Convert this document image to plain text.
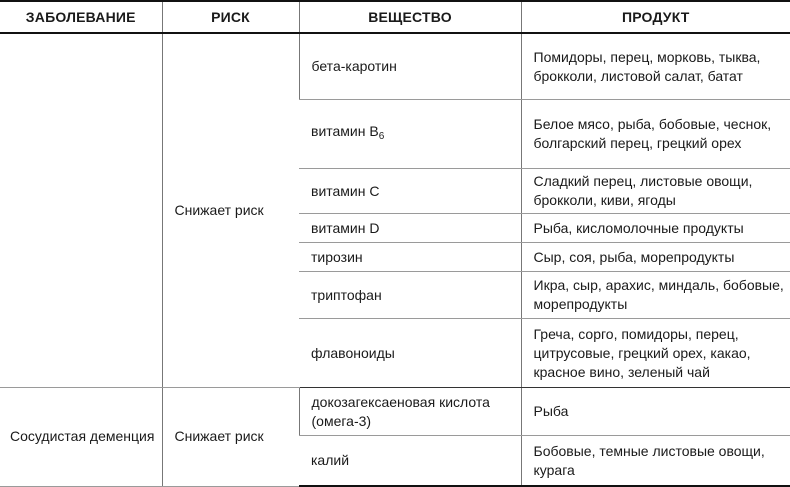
ЗАБОЛЕВАНИЕ	РИСК	ВЕЩЕСТВО	ПРОДУКТ
	Снижает риск	бета-каротин	Помидоры, перец, морковь, тыква, брокколи, листовой салат, батат
		витамин $B_6$	Белое мясо, рыба, бобовые, чеснок, болгарский перец, грецкий орех
		витамин C	Сладкий перец, листовые овощи, брокколи, киви, ягоды
		витамин D	Рыба, кисломолочные продукты
		тирозин	Сыр, соя, рыба, морепродукты
		триптофан	Икра, сыр, арахис, миндаль, бобовые, морепродукты
		флавоноиды	Греча, сорго, помидоры, перец, цитрусовые, грецкий орех, какао, красное вино, зеленый чай
Сосудистая деменция	Снижает риск	докозагексаеновая кислота (омега-3)	Рыба
		калий	Бобовые, темные листовые овощи, курага
